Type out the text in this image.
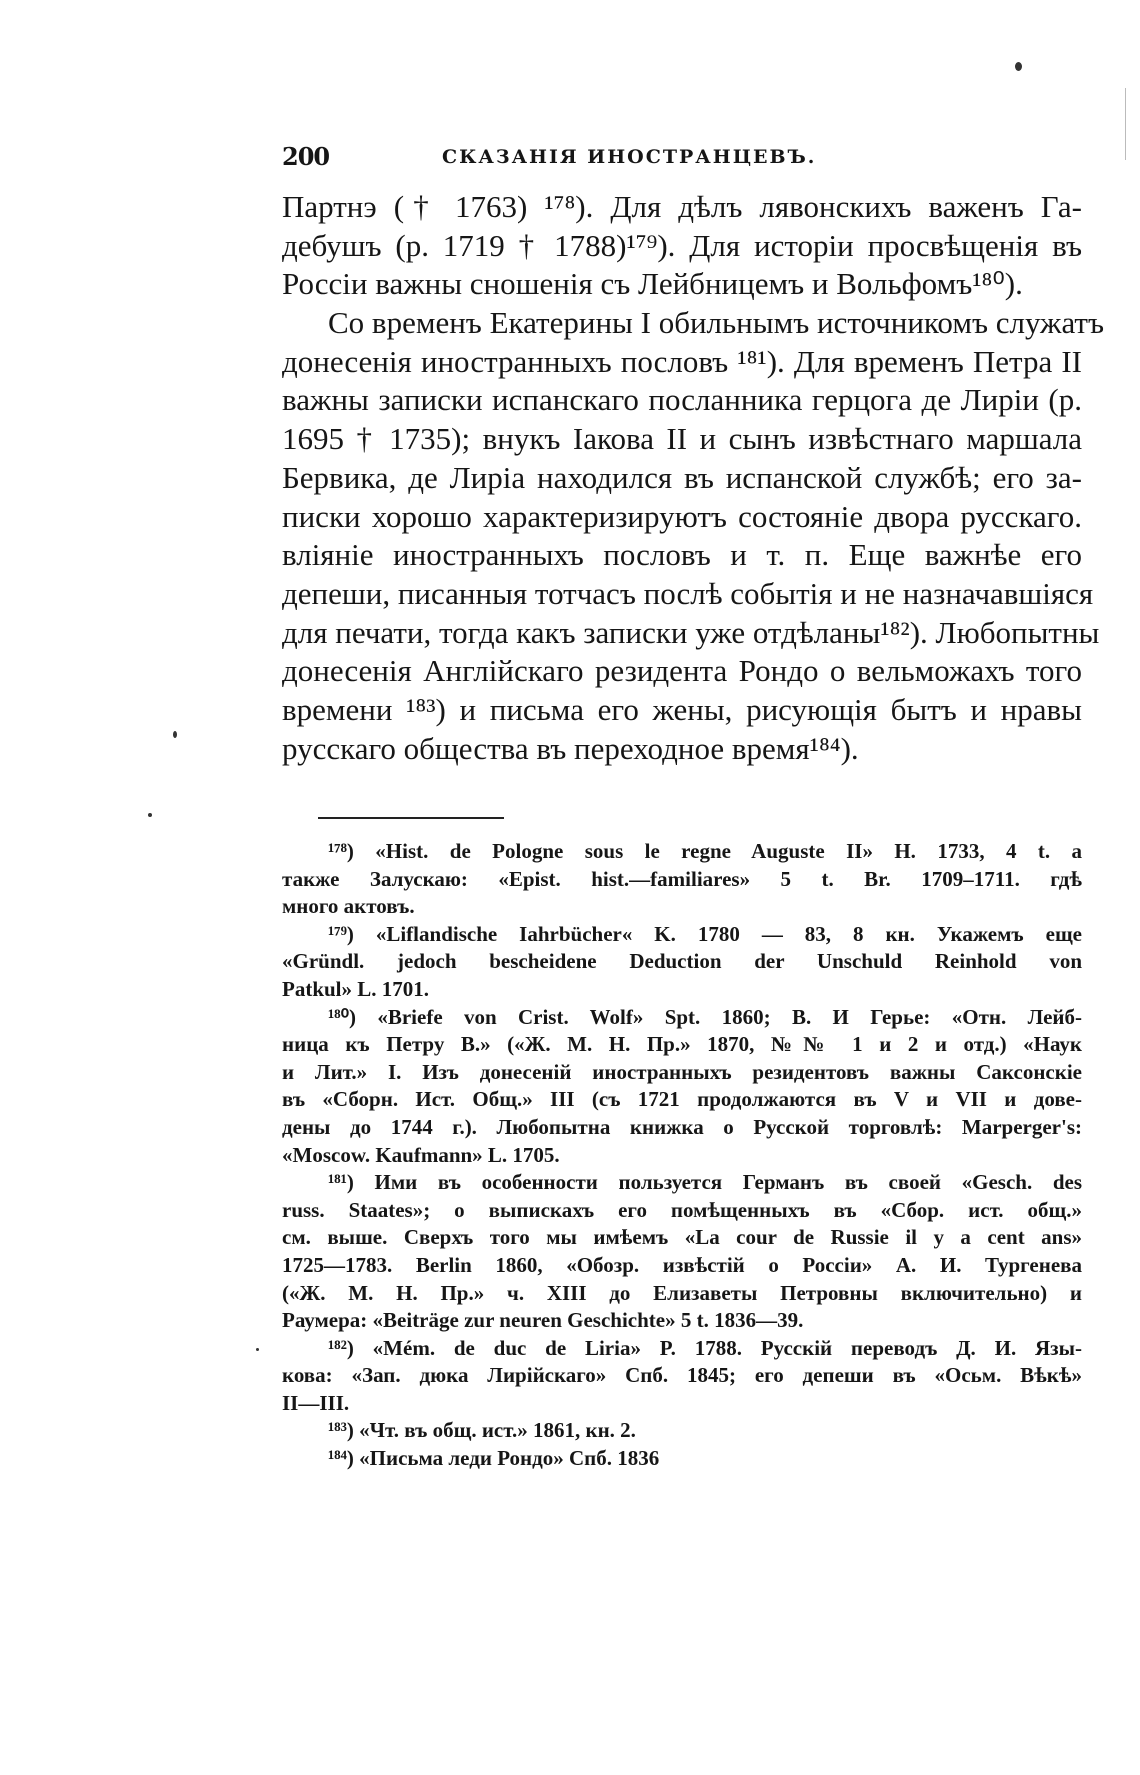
200	СКАЗАНІЯ ИНОСТРАНЦЕВЪ.
Партнэ († 1763) ¹⁷⁸). Для дѣлъ лявонскихъ важенъ Га-
дебушъ (р. 1719 † 1788)¹⁷⁹). Для исторіи просвѣщенія въ
Россіи важны сношенія съ Лейбницемъ и Вольфомъ¹⁸⁰).
Со временъ Екатерины I обильнымъ источникомъ служатъ
донесенія иностранныхъ пословъ ¹⁸¹). Для временъ Петра II
важны записки испанскаго посланника герцога де Лиріи (р.
1695 † 1735); внукъ Іакова II и сынъ извѣстнаго маршала
Бервика, де Лиріа находился въ испанской службѣ; его за-
писки хорошо характеризируютъ состояніе двора русскаго.
вліяніе иностранныхъ пословъ и т. п. Еще важнѣе его
депеши, писанныя тотчасъ послѣ событія и не назначавшіяся
для печати, тогда какъ записки уже отдѣланы¹⁸²). Любопытны
донесенія Англійскаго резидента Рондо о вельможахъ того
времени ¹⁸³) и письма его жены, рисующія бытъ и нравы
русскаго общества въ переходное время¹⁸⁴).
¹⁷⁸) «Hist. de Pologne sous le regne Auguste II» H. 1733, 4 t. а
также Залускаю: «Epist. hist.—familiares» 5 t. Br. 1709–1711. гдѣ
много актовъ.
¹⁷⁹) «Liflandische Iahrbücher« K. 1780 — 83, 8 кн. Укажемъ еще
«Gründl. jedoch bescheidene Deduction der Unschuld Reinhold von
Patkul» L. 1701.
¹⁸⁰) «Briefe von Crist. Wolf» Spt. 1860; В. И Герье: «Отн. Лейб-
ница къ Петру В.» («Ж. М. Н. Пр.» 1870, №№ 1 и 2 и отд.) «Наук
и Лит.» I. Изъ донесеній иностранныхъ резидентовъ важны Саксонскіе
въ «Сборн. Ист. Общ.» III (съ 1721 продолжаются въ V и VII и дове-
дены до 1744 г.). Любопытна книжка о Русской торговлѣ: Marperger's:
«Moscow. Kaufmann» L. 1705.
¹⁸¹) Ими въ особенности пользуется Германъ въ своей «Gesch. des
russ. Staates»; о выпискахъ его помѣщенныхъ въ «Сбор. ист. общ.»
см. выше. Сверхъ того мы имѣемъ «La cour de Russie il y a cent ans»
1725—1783. Berlin 1860, «Обозр. извѣстій о Россіи» А. И. Тургенева
(«Ж. М. Н. Пр.» ч. XIII до Елизаветы Петровны включительно) и
Раумера: «Beiträge zur neuren Geschichte» 5 t. 1836—39.
¹⁸²) «Mém. de duc de Liria» P. 1788. Русскій переводъ Д. И. Язы-
кова: «Зап. дюка Лирійскаго» Спб. 1845; его депеши въ «Осьм. Вѣкѣ»
II—III.
¹⁸³) «Чт. въ общ. ист.» 1861, кн. 2.
¹⁸⁴) «Письма леди Рондо» Спб. 1836
